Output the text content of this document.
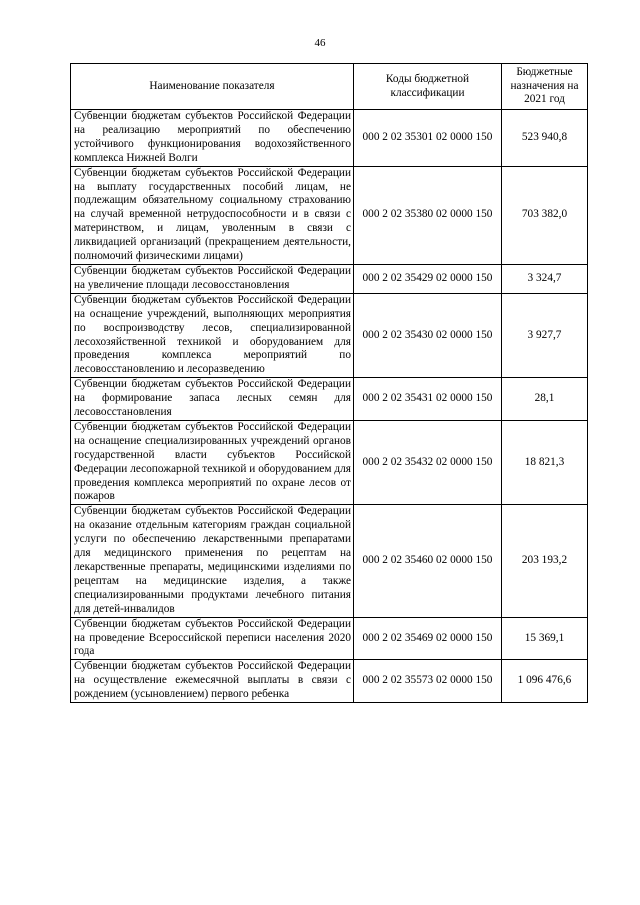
46
Наименование показателя	Коды бюджетной классификации	Бюджетные назначения на 2021 год
Субвенции бюджетам субъектов Российской Федерации на реализацию мероприятий по обеспечению устойчивого функционирования водохозяйственного комплекса Нижней Волги	000 2 02 35301 02 0000 150	523 940,8
Субвенции бюджетам субъектов Российской Федерации на выплату государственных пособий лицам, не подлежащим обязательному социальному страхованию на случай временной нетрудоспособности и в связи с материнством, и лицам, уволенным в связи с ликвидацией организаций (прекращением деятельности, полномочий физическими лицами)	000 2 02 35380 02 0000 150	703 382,0
Субвенции бюджетам субъектов Российской Федерации на увеличение площади лесовосстановления	000 2 02 35429 02 0000 150	3 324,7
Субвенции бюджетам субъектов Российской Федерации на оснащение учреждений, выполняющих мероприятия по воспроизводству лесов, специализированной лесохозяйственной техникой и оборудованием для проведения комплекса мероприятий по лесовосстановлению и лесоразведению	000 2 02 35430 02 0000 150	3 927,7
Субвенции бюджетам субъектов Российской Федерации на формирование запаса лесных семян для лесовосстановления	000 2 02 35431 02 0000 150	28,1
Субвенции бюджетам субъектов Российской Федерации на оснащение специализированных учреждений органов государственной власти субъектов Российской Федерации лесопожарной техникой и оборудованием для проведения комплекса мероприятий по охране лесов от пожаров	000 2 02 35432 02 0000 150	18 821,3
Субвенции бюджетам субъектов Российской Федерации на оказание отдельным категориям граждан социальной услуги по обеспечению лекарственными препаратами для медицинского применения по рецептам на лекарственные препараты, медицинскими изделиями по рецептам на медицинские изделия, а также специализированными продуктами лечебного питания для детей-инвалидов	000 2 02 35460 02 0000 150	203 193,2
Субвенции бюджетам субъектов Российской Федерации на проведение Всероссийской переписи населения 2020 года	000 2 02 35469 02 0000 150	15 369,1
Субвенции бюджетам субъектов Российской Федерации на осуществление ежемесячной выплаты в связи с рождением (усыновлением) первого ребенка	000 2 02 35573 02 0000 150	1 096 476,6
